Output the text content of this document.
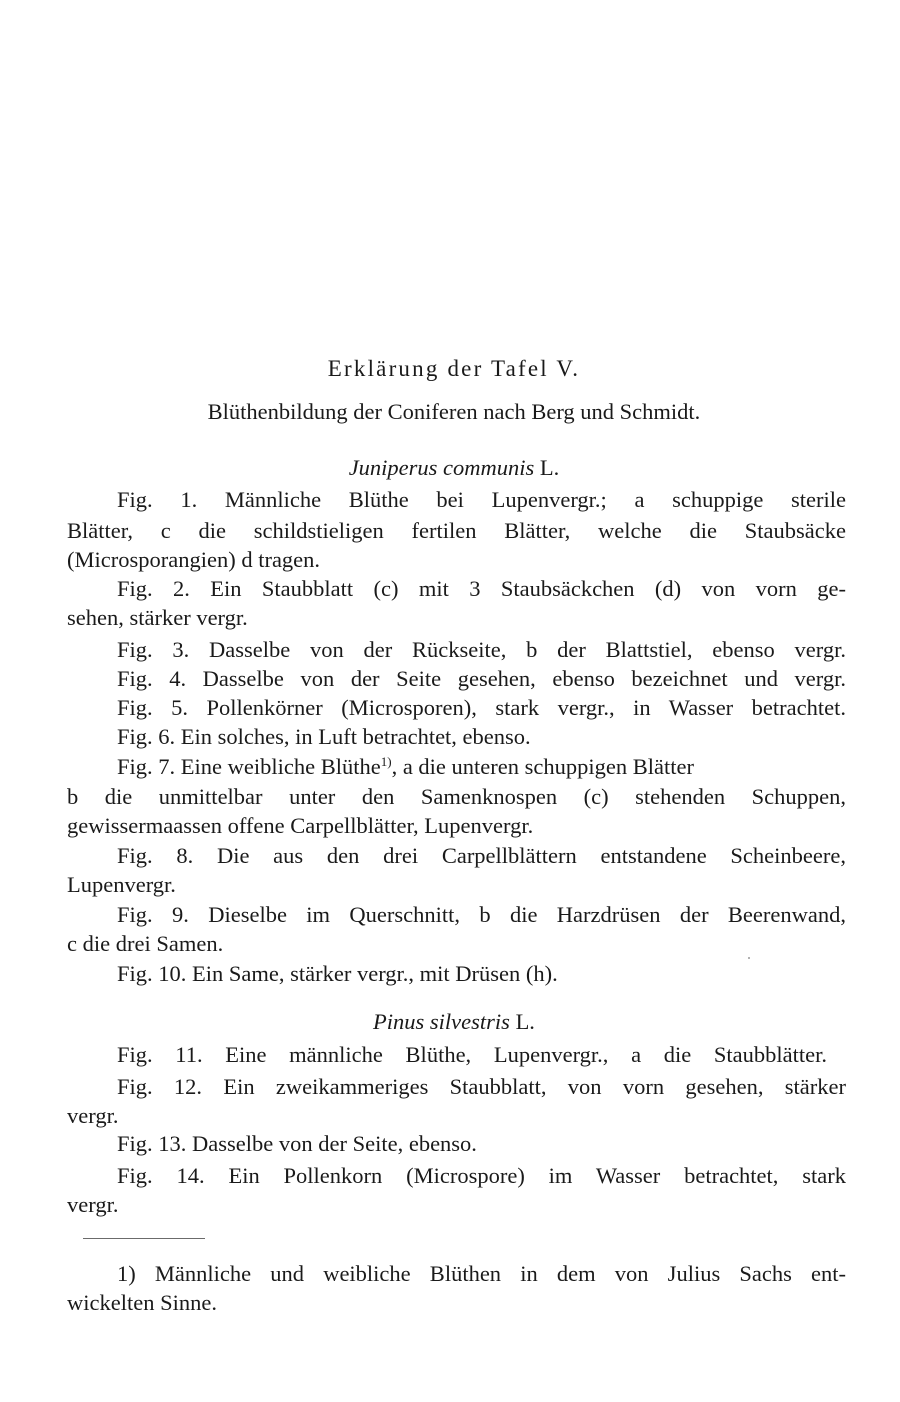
Erklärung der Tafel V.
Blüthenbildung der Coniferen nach Berg und Schmidt.
Juniperus communis L.
Fig. 1. Männliche Blüthe bei Lupenvergr.; a schuppige sterile
Blätter, c die schildstieligen fertilen Blätter, welche die Staubsäcke
(Microsporangien) d tragen.
Fig. 2. Ein Staubblatt (c) mit 3 Staubsäckchen (d) von vorn ge-
sehen, stärker vergr.
Fig. 3. Dasselbe von der Rückseite, b der Blattstiel, ebenso vergr.
Fig. 4. Dasselbe von der Seite gesehen, ebenso bezeichnet und vergr.
Fig. 5. Pollenkörner (Microsporen), stark vergr., in Wasser betrachtet.
Fig. 6. Ein solches, in Luft betrachtet, ebenso.
Fig. 7. Eine weibliche Blüthe$^{1)}$, a die unteren schuppigen Blätter
b die unmittelbar unter den Samenknospen (c) stehenden Schuppen,
gewissermaassen offene Carpellblätter, Lupenvergr.
Fig. 8. Die aus den drei Carpellblättern entstandene Scheinbeere,
Lupenvergr.
Fig. 9. Dieselbe im Querschnitt, b die Harzdrüsen der Beerenwand,
c die drei Samen.
Fig. 10. Ein Same, stärker vergr., mit Drüsen (h).
Pinus silvestris L.
Fig. 11. Eine männliche Blüthe, Lupenvergr., a die Staubblätter.
Fig. 12. Ein zweikammeriges Staubblatt, von vorn gesehen, stärker
vergr.
Fig. 13. Dasselbe von der Seite, ebenso.
Fig. 14. Ein Pollenkorn (Microspore) im Wasser betrachtet, stark
vergr.
1) Männliche und weibliche Blüthen in dem von Julius Sachs ent-
wickelten Sinne.
